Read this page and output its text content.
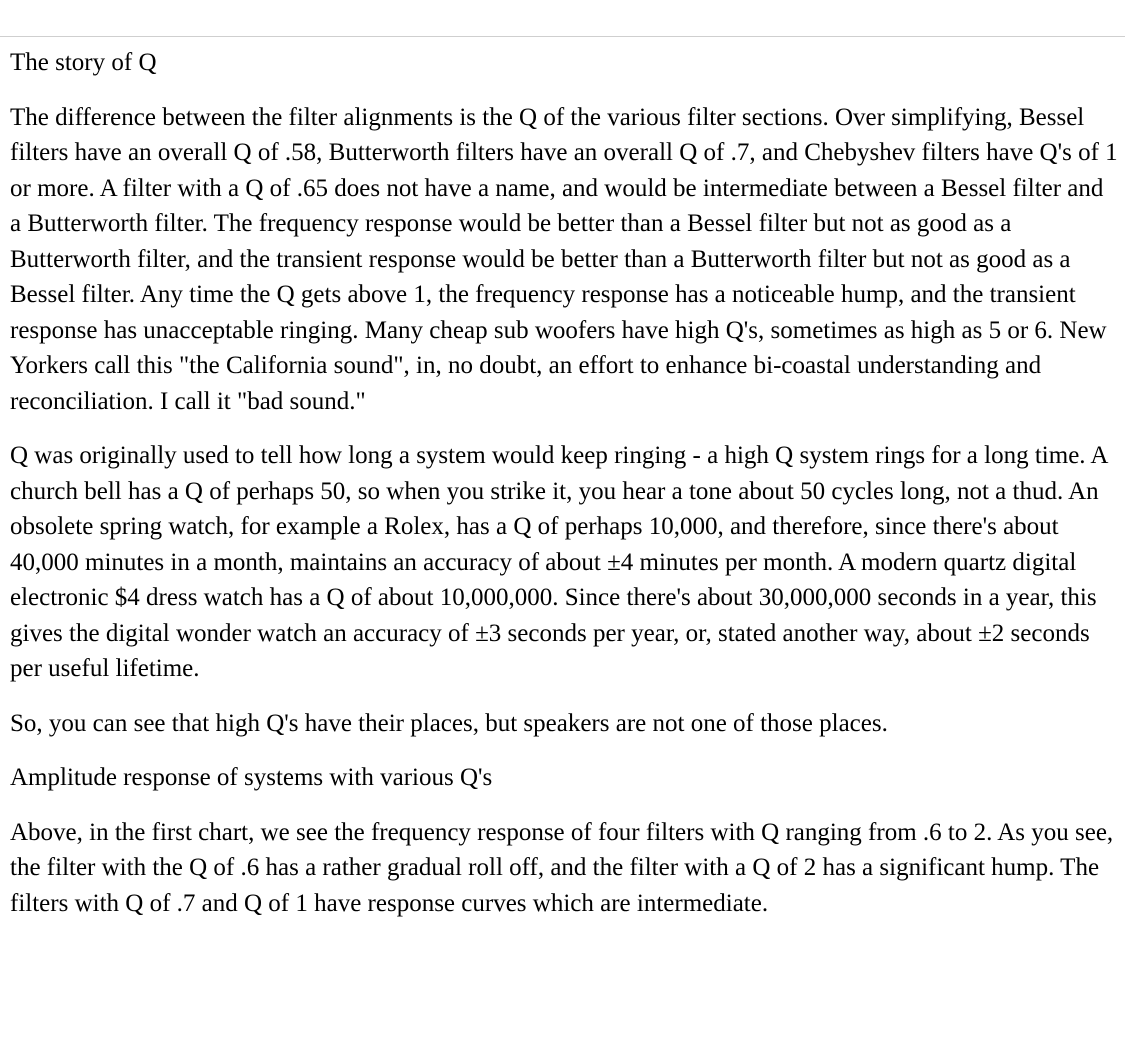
The story of Q

The difference between the filter alignments is the Q of the various filter sections. Over simplifying, Bessel filters have an overall Q of .58, Butterworth filters have an overall Q of .7, and Chebyshev filters have Q's of 1 or more. A filter with a Q of .65 does not have a name, and would be intermediate between a Bessel filter and a Butterworth filter. The frequency response would be better than a Bessel filter but not as good as a Butterworth filter, and the transient response would be better than a Butterworth filter but not as good as a Bessel filter. Any time the Q gets above 1, the frequency response has a noticeable hump, and the transient response has unacceptable ringing. Many cheap sub woofers have high Q's, sometimes as high as 5 or 6. New Yorkers call this "the California sound", in, no doubt, an effort to enhance bi-coastal understanding and reconciliation. I call it "bad sound."

Q was originally used to tell how long a system would keep ringing - a high Q system rings for a long time. A church bell has a Q of perhaps 50, so when you strike it, you hear a tone about 50 cycles long, not a thud. An obsolete spring watch, for example a Rolex, has a Q of perhaps 10,000, and therefore, since there's about 40,000 minutes in a month, maintains an accuracy of about ±4 minutes per month. A modern quartz digital electronic $4 dress watch has a Q of about 10,000,000. Since there's about 30,000,000 seconds in a year, this gives the digital wonder watch an accuracy of ±3 seconds per year, or, stated another way, about ±2 seconds per useful lifetime.

So, you can see that high Q's have their places, but speakers are not one of those places.

Amplitude response of systems with various Q's

Above, in the first chart, we see the frequency response of four filters with Q ranging from .6 to 2. As you see, the filter with the Q of .6 has a rather gradual roll off, and the filter with a Q of 2 has a significant hump. The filters with Q of .7 and Q of 1 have response curves which are intermediate.
